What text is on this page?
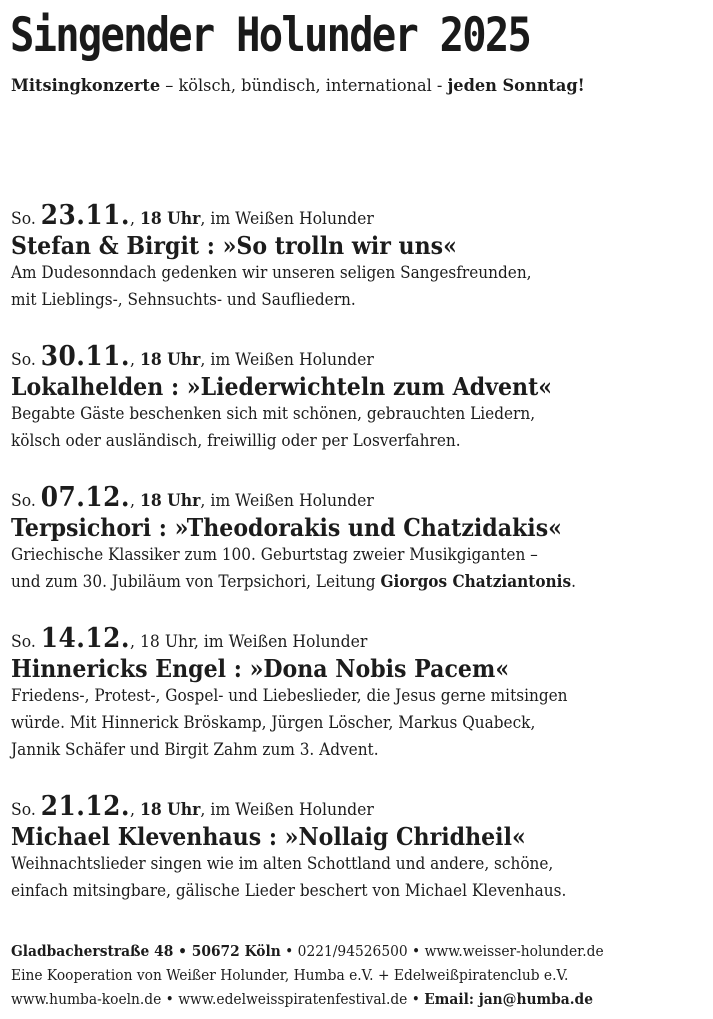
Singender Holunder 2025
Mitsingkonzerte – kölsch, bündisch, international - jeden Sonntag!
So. 23.11., 18 Uhr, im Weißen Holunder
Stefan & Birgit : »So trolln wir uns«
Am Dudesonndach gedenken wir unseren seligen Sangesfreunden,
mit Lieblings-, Sehnsuchts- und Saufliedern.
So. 30.11., 18 Uhr, im Weißen Holunder
Lokalhelden : »Liederwichteln zum Advent«
Begabte Gäste beschenken sich mit schönen, gebrauchten Liedern,
kölsch oder ausländisch, freiwillig oder per Losverfahren.
So. 07.12., 18 Uhr, im Weißen Holunder
Terpsichori : »Theodorakis und Chatzidakis«
Griechische Klassiker zum 100. Geburtstag zweier Musikgiganten –
und zum 30. Jubiläum von Terpsichori, Leitung Giorgos Chatziantonis.
So. 14.12., 18 Uhr, im Weißen Holunder
Hinnericks Engel : »Dona Nobis Pacem«
Friedens-, Protest-, Gospel- und Liebeslieder, die Jesus gerne mitsingen
würde. Mit Hinnerick Bröskamp, Jürgen Löscher, Markus Quabeck,
Jannik Schäfer und Birgit Zahm zum 3. Advent.
So. 21.12., 18 Uhr, im Weißen Holunder
Michael Klevenhaus : »Nollaig Chridheil«
Weihnachtslieder singen wie im alten Schottland und andere, schöne,
einfach mitsingbare, gälische Lieder beschert von Michael Klevenhaus.
Gladbacherstraße 48 • 50672 Köln • 0221/94526500 • www.weisser-holunder.de
Eine Kooperation von Weißer Holunder, Humba e.V. + Edelweißpiratenclub e.V.
www.humba-koeln.de • www.edelweisspiratenfestival.de • Email: jan@humba.de
